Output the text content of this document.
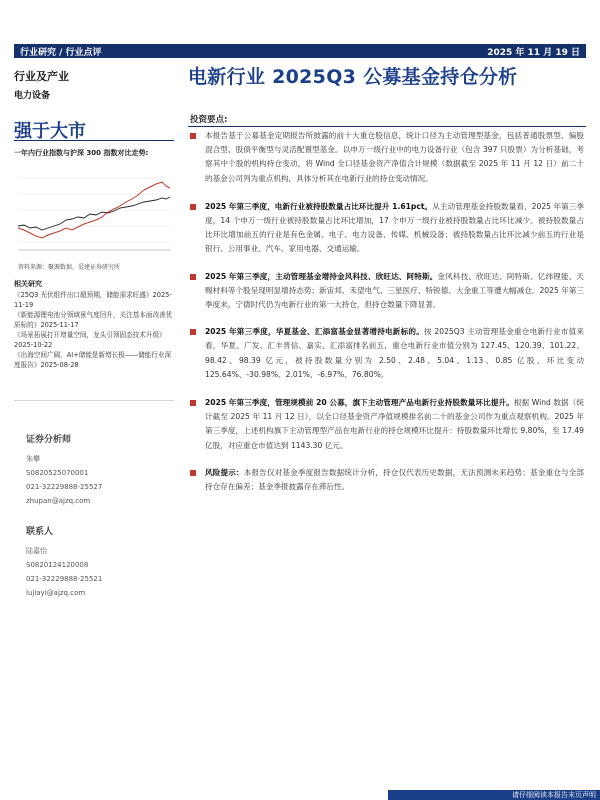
行业研究 / 行业点评	2025 年 11 月 19 日
行业及产业
电力设备
电新行业 2025Q3 公募基金持仓分析
强于大市
一年内行业指数与沪深 300 指数对比走势:
资料来源：聚源数据，爱建证券研究所
相关研究
《25Q3 光伏组件出口超预期，储能需求旺盛》2025-11-19
《新能源锂电池分领域景气度回升，关注基本面改善优质标的》2025-11-17
《场景拓展打开增量空间，龙头引领固态技术升级》2025-10-22
《出海空间广阔，AI+储能是新增长极——储能行业深度报告》2025-08-28
证券分析师
朱攀
S0820525070001
021-32229888-25527
zhupan@ajzq.com
联系人
陆嘉怡
S0820124120008
021-32229888-25521
lujiayi@ajzq.com
投资要点:
本报告基于公募基金定期报告所披露的前十大重仓股信息，统计口径为主动管理型基金，包括普通股票型、偏股混合型、股债平衡型与灵活配置型基金。以申万一级行业中的电力设备行业（包含 397 只股票）为分析基础，考察其中个股的机构持仓变动，将 Wind 全口径基金资产净值合计规模（数据截至 2025 年 11 月 12 日）前二十的基金公司列为重点机构，具体分析其在电新行业的持仓变动情况。
2025 年第三季度，电新行业被持股数量占比环比提升 1.61pct。从主动管理基金持股数量看，2025 年第三季度，14 个申万一级行业被持股数量占比环比增加，17 个申万一级行业被持股数量占比环比减少。被持股数量占比环比增加前五的行业是有色金属、电子、电力设备、传媒、机械设备；被持股数量占比环比减少前五的行业是银行、公用事业、汽车、家用电器、交通运输。
2025 年第三季度，主动管理基金增持金风科技、欣旺达、阿特斯。金风科技、欣旺达、阿特斯、亿纬锂能、天赐材料等个股呈现明显增持态势；新宙邦、禾望电气、三星医疗、特锐德、大金重工等遭大幅减仓。2025 年第三季度末，宁德时代仍为电新行业的第一大持仓，但持仓数量下降显著。
2025 年第三季度，华夏基金、汇添富基金显著增持电新标的。按 2025Q3 主动管理基金重仓电新行业市值来看，华夏、广发、汇丰晋信、嘉实、汇添富排名前五，重仓电新行业市值分别为 127.45、120.39、101.22、98.42、98.39 亿元，被持股数量分别为 2.50、2.48、5.04、1.13、0.85 亿股，环比变动 125.64%、-30.98%、2.01%、-6.97%、76.80%。
2025 年第三季度，管理规模前 20 公募，旗下主动管理产品电新行业持股数量环比提升。根据 Wind 数据（统计截至 2025 年 11 月 12 日），以全口径基金资产净值规模排名前二十的基金公司作为重点观察机构。2025 年第三季度，上述机构旗下主动管理型产品在电新行业的持仓规模环比提升：持股数量环比增长 9.80%，至 17.49 亿股，对应重仓市值达到 1143.30 亿元。
风险提示：本报告仅对基金季度报告数据统计分析，持仓仅代表历史数据，无法预测未来趋势；基金重仓与全部持仓存在偏差；基金季报披露存在滞后性。
请仔细阅读本报告末页声明
